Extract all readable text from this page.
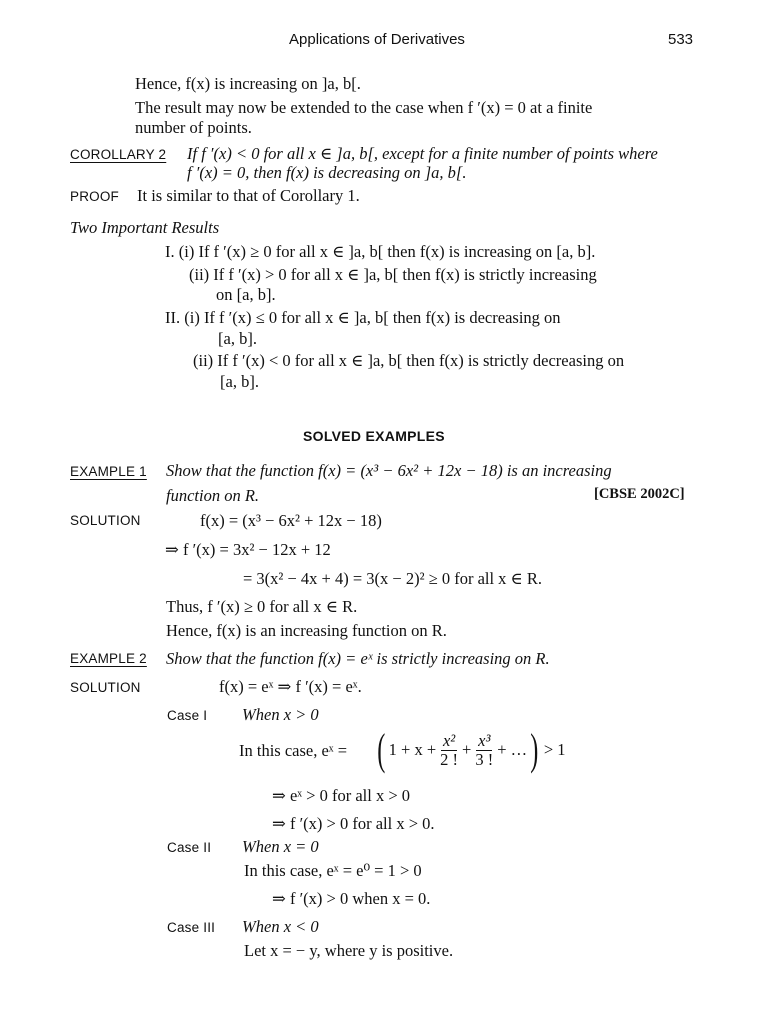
Applications of Derivatives	533
Hence, f(x) is increasing on ]a, b[.
The result may now be extended to the case when f ′(x) = 0 at a finite
number of points.
COROLLARY 2 If f ′(x) < 0 for all x ∈ ]a, b[, except for a finite number of points where
f ′(x) = 0, then f(x) is decreasing on ]a, b[.
PROOF It is similar to that of Corollary 1.
Two Important Results
I. (i) If f ′(x) ≥ 0 for all x ∈ ]a, b[ then f(x) is increasing on [a, b].
(ii) If f ′(x) > 0 for all x ∈ ]a, b[ then f(x) is strictly increasing
on [a, b].
II. (i) If f ′(x) ≤ 0 for all x ∈ ]a, b[ then f(x) is decreasing on
[a, b].
(ii) If f ′(x) < 0 for all x ∈ ]a, b[ then f(x) is strictly decreasing on
[a, b].
SOLVED EXAMPLES
EXAMPLE 1 Show that the function f(x) = (x³ − 6x² + 12x − 18) is an increasing
function on R.	[CBSE 2002C]
SOLUTION	f(x) = (x³ − 6x² + 12x − 18)
⇒ f ′(x) = 3x² − 12x + 12
= 3(x² − 4x + 4) = 3(x − 2)² ≥ 0 for all x ∈ R.
Thus, f ′(x) ≥ 0 for all x ∈ R.
Hence, f(x) is an increasing function on R.
EXAMPLE 2 Show that the function f(x) = eˣ is strictly increasing on R.
SOLUTION	f(x) = eˣ ⇒ f ′(x) = eˣ.
Case I When x > 0
In this case, eˣ = ( $1 + x + \frac{\text{x²}}{2 !} + \frac{\text{x³}}{3 !}$ + … ) > 1
⇒ eˣ > 0 for all x > 0
⇒ f ′(x) > 0 for all x > 0.
Case II When x = 0
In this case, eˣ = e⁰ = 1 > 0
⇒ f ′(x) > 0 when x = 0.
Case III When x < 0
Let x = − y, where y is positive.
